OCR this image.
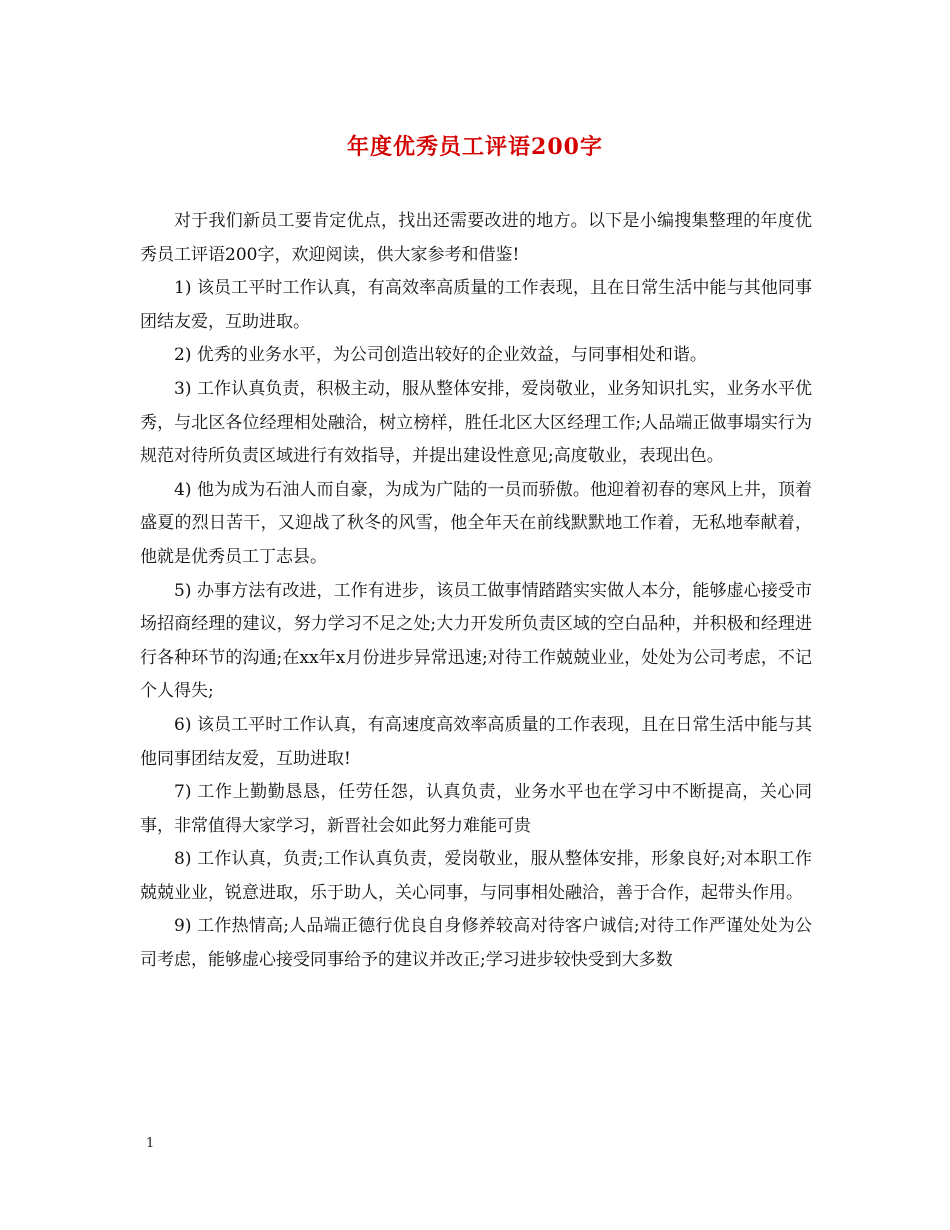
年度优秀员工评语200字

对于我们新员工要肯定优点，找出还需要改进的地方。以下是小编搜集整理的年度优秀员工评语200字，欢迎阅读，供大家参考和借鉴!

1) 该员工平时工作认真，有高效率高质量的工作表现，且在日常生活中能与其他同事团结友爱，互助进取。

2) 优秀的业务水平，为公司创造出较好的企业效益，与同事相处和谐。

3) 工作认真负责，积极主动，服从整体安排，爱岗敬业，业务知识扎实，业务水平优秀，与北区各位经理相处融洽，树立榜样，胜任北区大区经理工作;人品端正做事塌实行为规范对待所负责区域进行有效指导，并提出建设性意见;高度敬业，表现出色。

4) 他为成为石油人而自豪，为成为广陆的一员而骄傲。他迎着初春的寒风上井，顶着盛夏的烈日苦干，又迎战了秋冬的风雪，他全年天在前线默默地工作着，无私地奉献着，他就是优秀员工丁志县。

5) 办事方法有改进，工作有进步，该员工做事情踏踏实实做人本分，能够虚心接受市场招商经理的建议，努力学习不足之处;大力开发所负责区域的空白品种，并积极和经理进行各种环节的沟通;在xx年x月份进步异常迅速;对待工作兢兢业业，处处为公司考虑，不记个人得失;

6) 该员工平时工作认真，有高速度高效率高质量的工作表现，且在日常生活中能与其他同事团结友爱，互助进取!

7) 工作上勤勤恳恳，任劳任怨，认真负责，业务水平也在学习中不断提高，关心同事，非常值得大家学习，新晋社会如此努力难能可贵

8) 工作认真，负责;工作认真负责，爱岗敬业，服从整体安排，形象良好;对本职工作兢兢业业，锐意进取，乐于助人，关心同事，与同事相处融洽，善于合作，起带头作用。

9) 工作热情高;人品端正德行优良自身修养较高对待客户诚信;对待工作严谨处处为公司考虑，能够虚心接受同事给予的建议并改正;学习进步较快受到大多数

1
